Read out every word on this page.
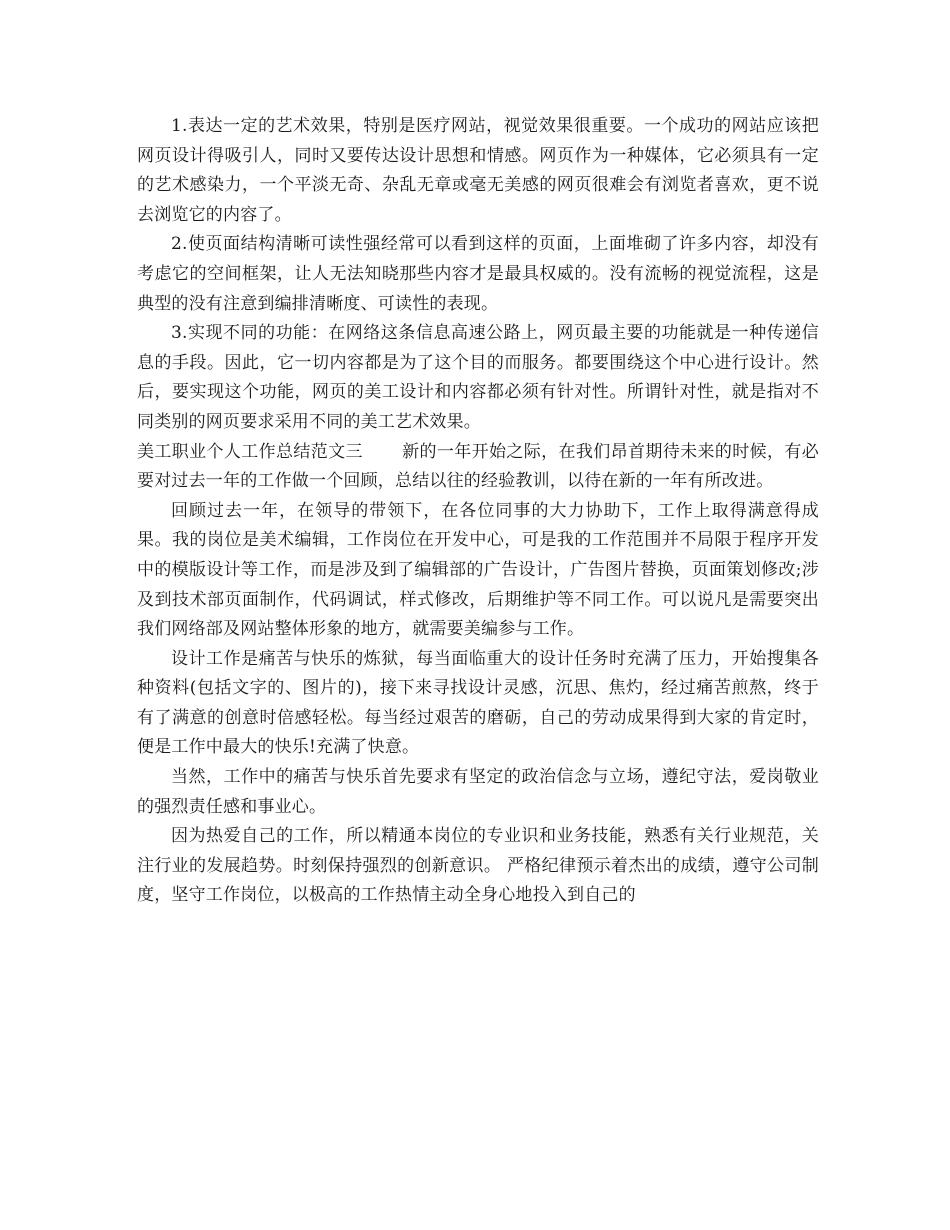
1.表达一定的艺术效果，特别是医疗网站，视觉效果很重要。一个成功的网站应该把网页设计得吸引人，同时又要传达设计思想和情感。网页作为一种媒体，它必须具有一定的艺术感染力，一个平淡无奇、杂乱无章或毫无美感的网页很难会有浏览者喜欢，更不说去浏览它的内容了。

2.使页面结构清晰可读性强经常可以看到这样的页面，上面堆砌了许多内容，却没有考虑它的空间框架，让人无法知晓那些内容才是最具权威的。没有流畅的视觉流程，这是典型的没有注意到编排清晰度、可读性的表现。

3.实现不同的功能：在网络这条信息高速公路上，网页最主要的功能就是一种传递信息的手段。因此，它一切内容都是为了这个目的而服务。都要围绕这个中心进行设计。然后，要实现这个功能，网页的美工设计和内容都必须有针对性。所谓针对性，就是指对不同类别的网页要求采用不同的美工艺术效果。

美工职业个人工作总结范文三 新的一年开始之际，在我们昂首期待未来的时候，有必要对过去一年的工作做一个回顾，总结以往的经验教训，以待在新的一年有所改进。

回顾过去一年，在领导的带领下，在各位同事的大力协助下，工作上取得满意得成果。我的岗位是美术编辑，工作岗位在开发中心，可是我的工作范围并不局限于程序开发中的模版设计等工作，而是涉及到了编辑部的广告设计，广告图片替换，页面策划修改;涉及到技术部页面制作，代码调试，样式修改，后期维护等不同工作。可以说凡是需要突出我们网络部及网站整体形象的地方，就需要美编参与工作。

设计工作是痛苦与快乐的炼狱，每当面临重大的设计任务时充满了压力，开始搜集各种资料(包括文字的、图片的)，接下来寻找设计灵感，沉思、焦灼，经过痛苦煎熬，终于有了满意的创意时倍感轻松。每当经过艰苦的磨砺，自己的劳动成果得到大家的肯定时，便是工作中最大的快乐!充满了快意。

当然，工作中的痛苦与快乐首先要求有坚定的政治信念与立场，遵纪守法，爱岗敬业的强烈责任感和事业心。

因为热爱自己的工作，所以精通本岗位的专业识和业务技能，熟悉有关行业规范，关注行业的发展趋势。时刻保持强烈的创新意识。 严格纪律预示着杰出的成绩，遵守公司制度，坚守工作岗位，以极高的工作热情主动全身心地投入到自己的
